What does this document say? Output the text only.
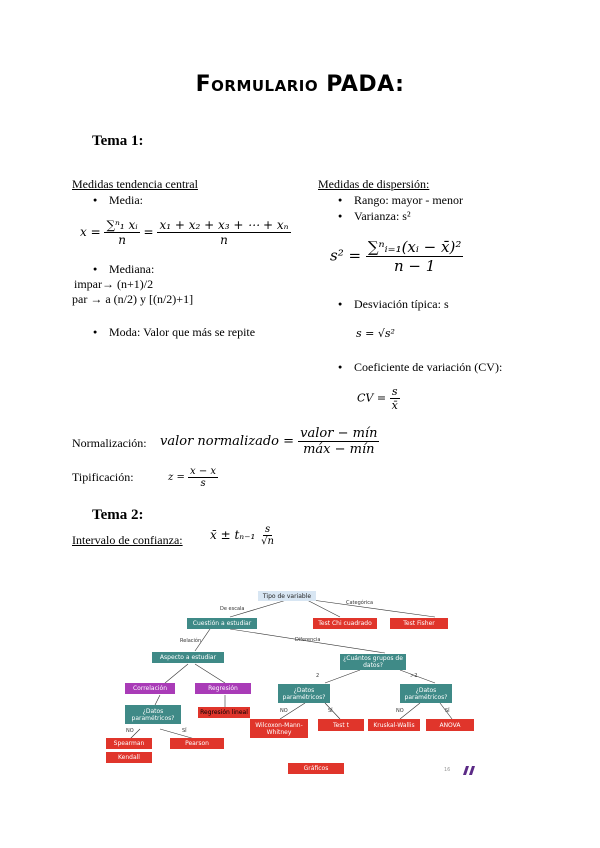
Formulario PADA:
Tema 1:
Medidas tendencia central
● Media:
$x = \frac{\text{∑ⁿ₁ xᵢ}}{n} = \frac{\text{x₁ + x₂ + x₃ + ⋯ + xₙ}}{n}$
● Mediana:
impar→ (n+1)/2
par → a (n/2) y [(n/2)+1]
● Moda: Valor que más se repite
Medidas de dispersión:
● Rango: mayor - menor
● Varianza: s²
$s^2 = \frac{\text{∑ⁿᵢ₌₁(xᵢ − x̄)²}}{n - 1}$
● Desviación típica: s
s = √s²
● Coeficiente de variación (CV):
CV = $\frac{s}{x̄}$
Normalización: valor normalizado = $\frac{\text{valor − mín}}{\text{máx − mín}}$
Tipificación:	$z = \frac{x - x}{s}$
Tema 2:
Intervalo de confianza: x̄ ± $t_{n-1} \frac{s}{√n}$
Tipo de variable
De escala
Categórica
Cuestión a estudiar	Test Chi cuadrado	Test Fisher
Relación	Diferencia
Aspecto a estudiar	¿Cuántos grupos de datos?
2	>2
Correlación	Regresión	¿Datos paramétricos?
¿Datos paramétricos?
¿Datos paramétricos?
Regresión lineal	NO	SÍ	NO	SÍ
NO	SÍ
Wilcoxon-Mann-Whitney
Test t	Kruskal-Wallis	ANOVA
Spearman	Pearson
Kendall
Gráficos	16
